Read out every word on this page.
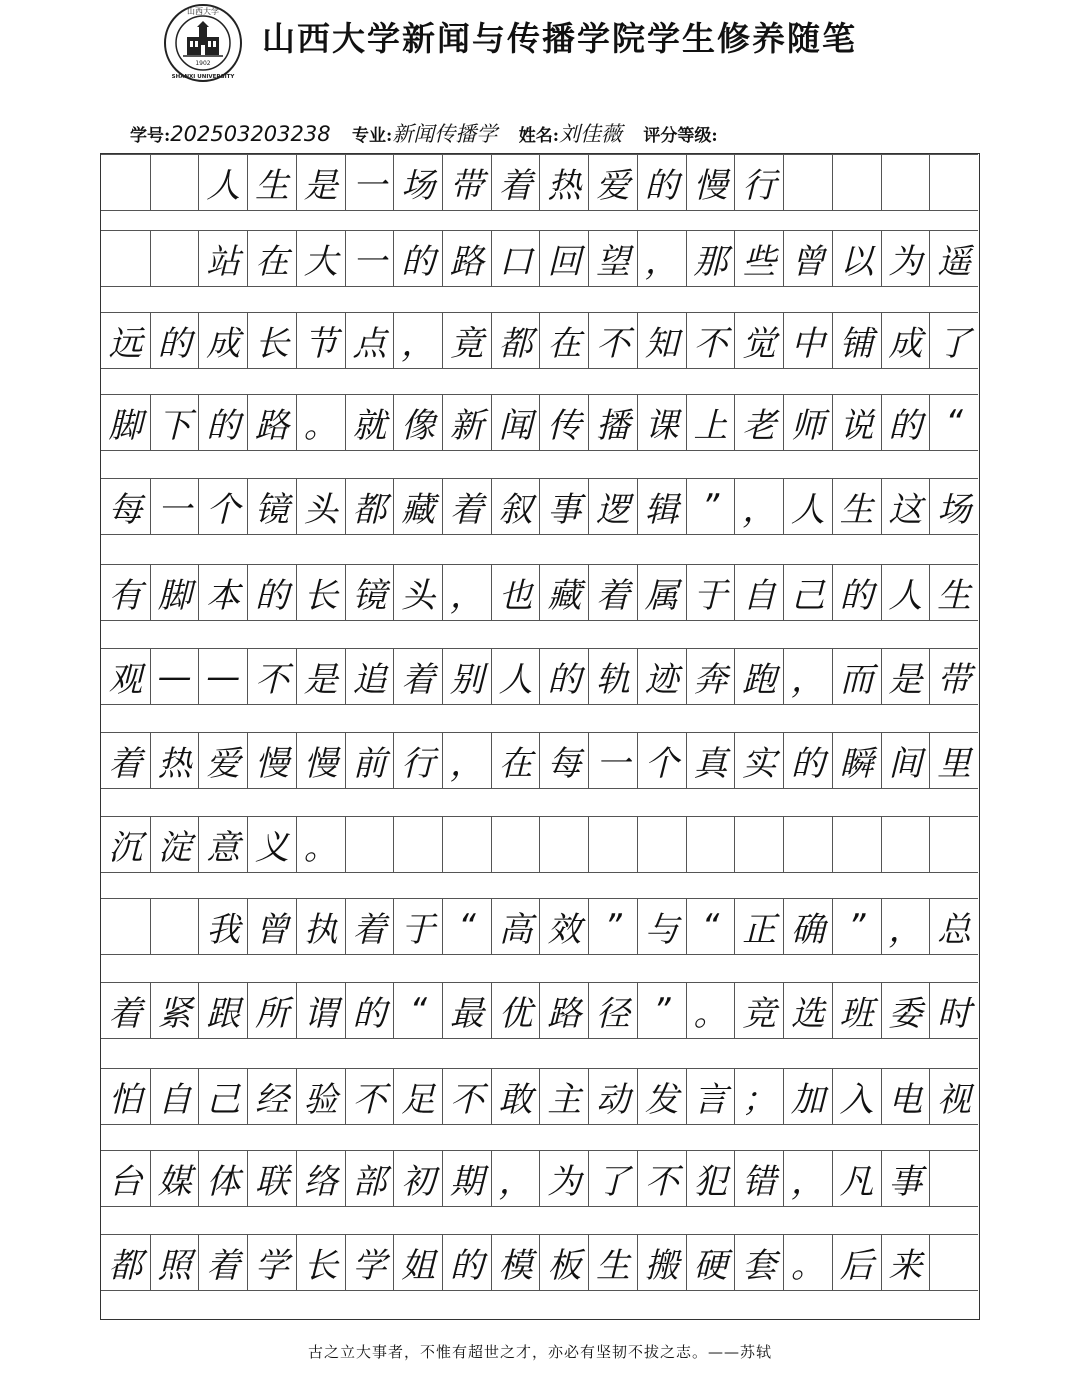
1902
山西大学
SHANXI UNIVERSITY
山西大学新闻与传播学院学生修养随笔
学号:202503203238 专业:新闻传播学 姓名:刘佳薇 评分等级:
人 生 是 一 场 带 着 热 爱 的 慢 行
站 在 大 一 的 路 口 回 望 ， 那 些 曾 以 为 遥
远 的 成 长 节 点 ， 竟 都 在 不 知 不 觉 中 铺 成 了
脚 下 的 路 。 就 像 新 闻 传 播 课 上 老 师 说 的 “
每 一 个 镜 头 都 藏 着 叙 事 逻 辑 ” ， 人 生 这 场
有 脚 本 的 长 镜 头 ， 也 藏 着 属 于 自 己 的 人 生
观 — — 不 是 追 着 别 人 的 轨 迹 奔 跑 ， 而 是 带
着 热 爱 慢 慢 前 行 ， 在 每 一 个 真 实 的 瞬 间 里
沉 淀 意 义 。
我 曾 执 着 于 “ 高 效 ” 与 “ 正 确 ” ， 总
着 紧 跟 所 谓 的 “ 最 优 路 径 ” 。 竞 选 班 委 时
怕 自 己 经 验 不 足 不 敢 主 动 发 言 ； 加 入 电 视
台 媒 体 联 络 部 初 期 ， 为 了 不 犯 错 ， 凡 事
都 照 着 学 长 学 姐 的 模 板 生 搬 硬 套 。 后 来
古之立大事者，不惟有超世之才，亦必有坚韧不拔之志。——苏轼
